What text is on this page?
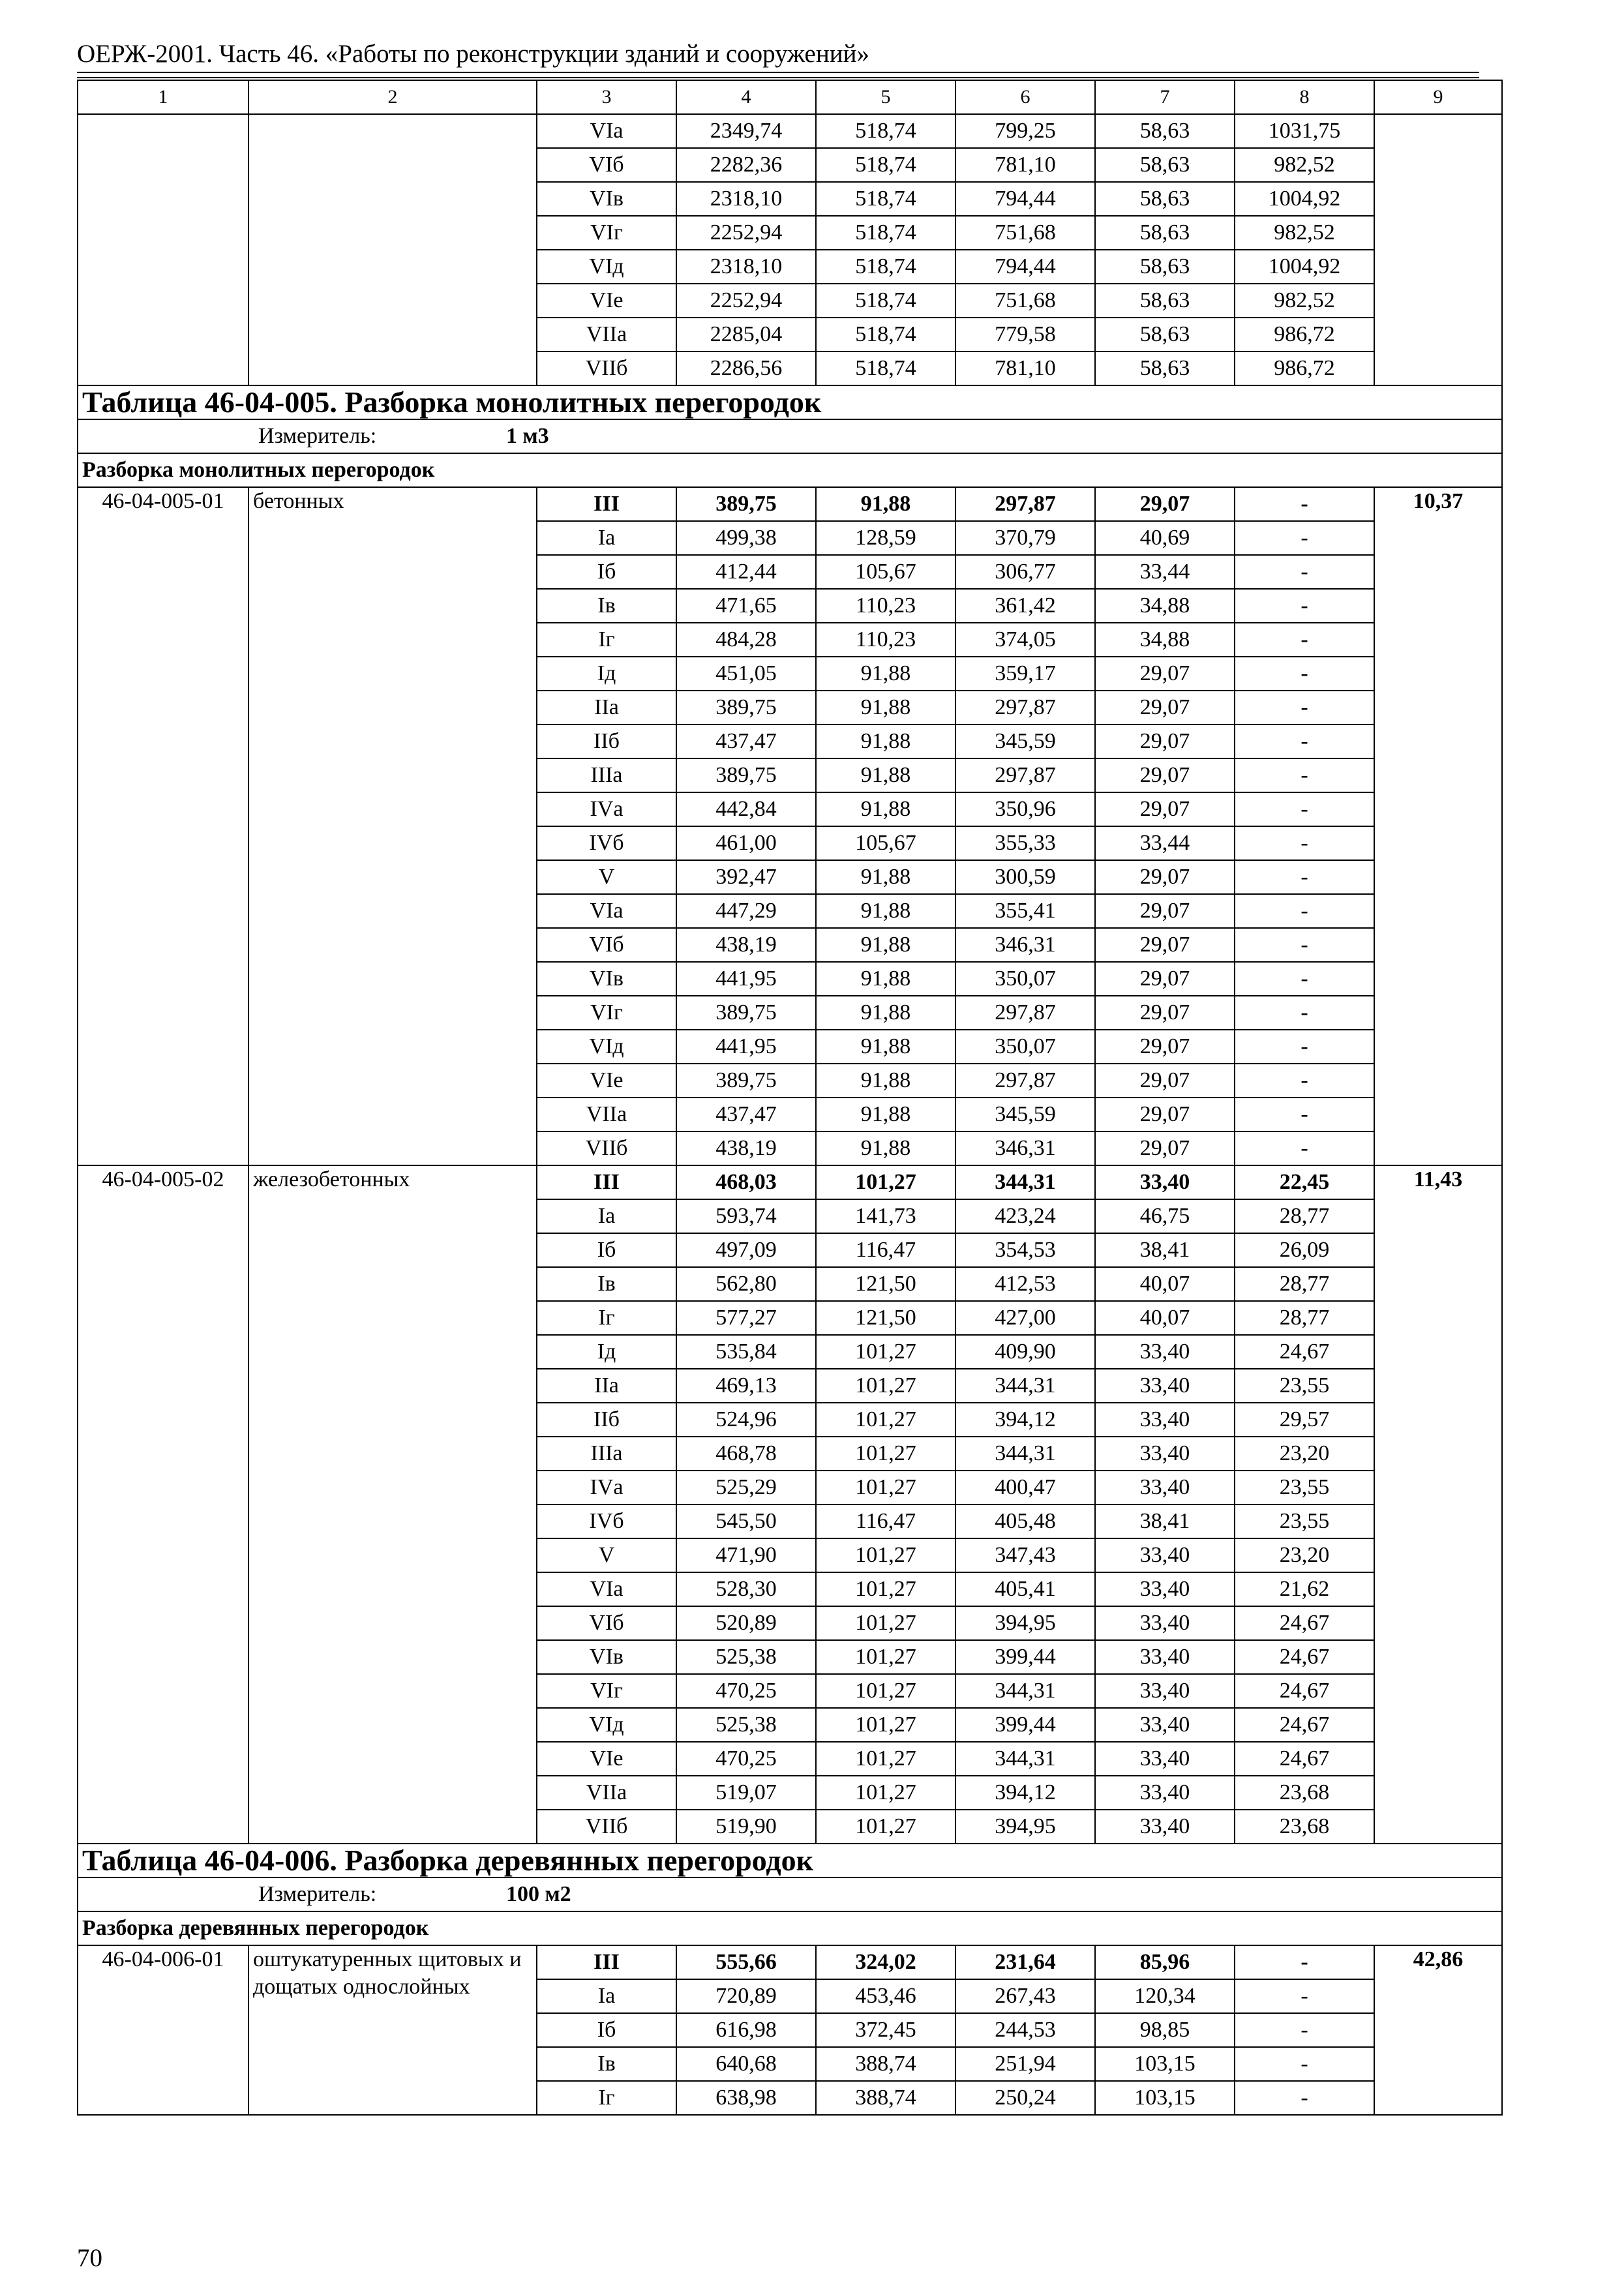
ОЕРЖ-2001. Часть 46. «Работы по реконструкции зданий и сооружений»
1	2	3	4	5	6	7	8	9
		VIа	2349,74	518,74	799,25	58,63	1031,75	
		VIб	2282,36	518,74	781,10	58,63	982,52	
		VIв	2318,10	518,74	794,44	58,63	1004,92	
		VIг	2252,94	518,74	751,68	58,63	982,52	
		VIд	2318,10	518,74	794,44	58,63	1004,92	
		VIе	2252,94	518,74	751,68	58,63	982,52	
		VIIа	2285,04	518,74	779,58	58,63	986,72	
		VIIб	2286,56	518,74	781,10	58,63	986,72	
Таблица 46-04-005. Разборка монолитных перегородок								
Измеритель: 1 м3								
Разборка монолитных перегородок								
46-04-005-01	бетонных	III	389,75	91,88	297,87	29,07	-	10,37
		Iа	499,38	128,59	370,79	40,69	-	
		Iб	412,44	105,67	306,77	33,44	-	
		Iв	471,65	110,23	361,42	34,88	-	
		Iг	484,28	110,23	374,05	34,88	-	
		Iд	451,05	91,88	359,17	29,07	-	
		IIа	389,75	91,88	297,87	29,07	-	
		IIб	437,47	91,88	345,59	29,07	-	
		IIIа	389,75	91,88	297,87	29,07	-	
		IVа	442,84	91,88	350,96	29,07	-	
		IVб	461,00	105,67	355,33	33,44	-	
		V	392,47	91,88	300,59	29,07	-	
		VIа	447,29	91,88	355,41	29,07	-	
		VIб	438,19	91,88	346,31	29,07	-	
		VIв	441,95	91,88	350,07	29,07	-	
		VIг	389,75	91,88	297,87	29,07	-	
		VIд	441,95	91,88	350,07	29,07	-	
		VIе	389,75	91,88	297,87	29,07	-	
		VIIа	437,47	91,88	345,59	29,07	-	
		VIIб	438,19	91,88	346,31	29,07	-	
46-04-005-02	железобетонных	III	468,03	101,27	344,31	33,40	22,45	11,43
		Iа	593,74	141,73	423,24	46,75	28,77	
		Iб	497,09	116,47	354,53	38,41	26,09	
		Iв	562,80	121,50	412,53	40,07	28,77	
		Iг	577,27	121,50	427,00	40,07	28,77	
		Iд	535,84	101,27	409,90	33,40	24,67	
		IIа	469,13	101,27	344,31	33,40	23,55	
		IIб	524,96	101,27	394,12	33,40	29,57	
		IIIа	468,78	101,27	344,31	33,40	23,20	
		IVа	525,29	101,27	400,47	33,40	23,55	
		IVб	545,50	116,47	405,48	38,41	23,55	
		V	471,90	101,27	347,43	33,40	23,20	
		VIа	528,30	101,27	405,41	33,40	21,62	
		VIб	520,89	101,27	394,95	33,40	24,67	
		VIв	525,38	101,27	399,44	33,40	24,67	
		VIг	470,25	101,27	344,31	33,40	24,67	
		VIд	525,38	101,27	399,44	33,40	24,67	
		VIе	470,25	101,27	344,31	33,40	24,67	
		VIIа	519,07	101,27	394,12	33,40	23,68	
		VIIб	519,90	101,27	394,95	33,40	23,68	
Таблица 46-04-006. Разборка деревянных перегородок								
Измеритель: 100 м2								
Разборка деревянных перегородок								
46-04-006-01	оштукатуренных щитовых и дощатых однослойных	III	555,66	324,02	231,64	85,96	-	42,86
		Iа	720,89	453,46	267,43	120,34	-	
		Iб	616,98	372,45	244,53	98,85	-	
		Iв	640,68	388,74	251,94	103,15	-	
		Iг	638,98	388,74	250,24	103,15	-	
70
